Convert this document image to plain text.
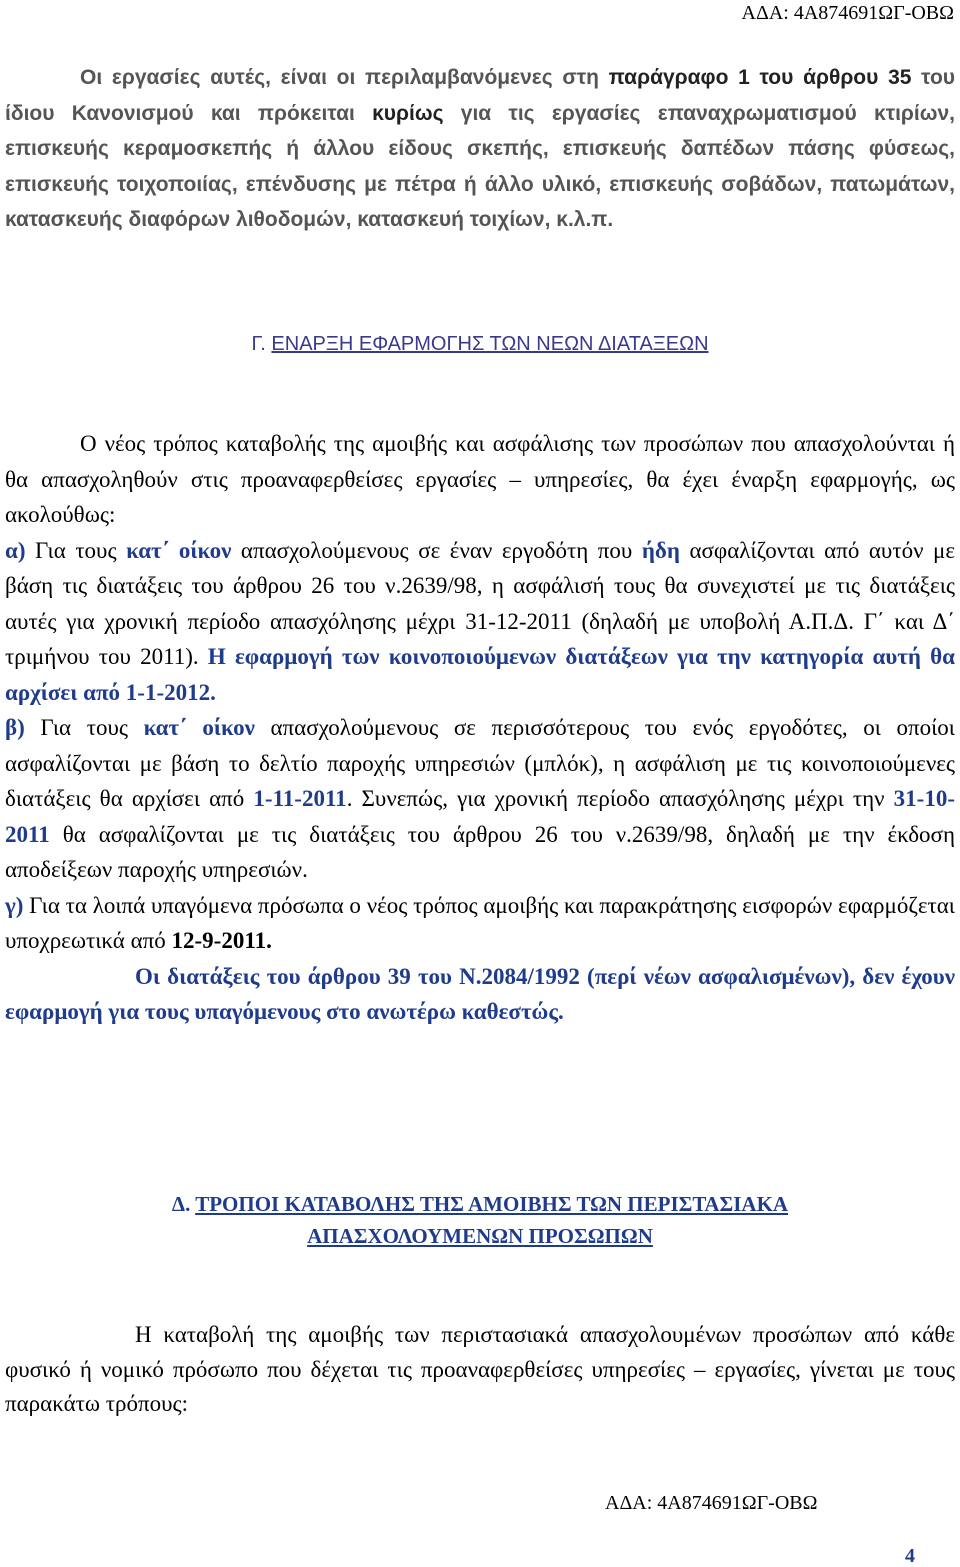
ΑΔΑ: 4Α874691ΩΓ-ΟΒΩ

Οι εργασίες αυτές, είναι οι περιλαμβανόμενες στη παράγραφο 1 του άρθρου 35 του ίδιου Κανονισμού και πρόκειται κυρίως για τις εργασίες επαναχρωματισμού κτιρίων, επισκευής κεραμοσκεπής ή άλλου είδους σκεπής, επισκευής δαπέδων πάσης φύσεως, επισκευής τοιχοποιίας, επένδυσης με πέτρα ή άλλο υλικό, επισκευής σοβάδων, πατωμάτων, κατασκευής διαφόρων λιθοδομών, κατασκευή τοιχίων, κ.λ.π.

Γ. ΕΝΑΡΞΗ ΕΦΑΡΜΟΓΗΣ ΤΩΝ ΝΕΩΝ ΔΙΑΤΑΞΕΩΝ

Ο νέος τρόπος καταβολής της αμοιβής και ασφάλισης των προσώπων που απασχολούνται ή θα απασχοληθούν στις προαναφερθείσες εργασίες – υπηρεσίες, θα έχει έναρξη εφαρμογής, ως ακολούθως:

α) Για τους κατ΄ οίκον απασχολούμενους σε έναν εργοδότη που ήδη ασφαλίζονται από αυτόν με βάση τις διατάξεις του άρθρου 26 του ν.2639/98, η ασφάλισή τους θα συνεχιστεί με τις διατάξεις αυτές για χρονική περίοδο απασχόλησης μέχρι 31-12-2011 (δηλαδή με υποβολή Α.Π.Δ. Γ΄ και Δ΄ τριμήνου του 2011). Η εφαρμογή των κοινοποιούμενων διατάξεων για την κατηγορία αυτή θα αρχίσει από 1-1-2012.

β) Για τους κατ΄ οίκον απασχολούμενους σε περισσότερους του ενός εργοδότες, οι οποίοι ασφαλίζονται με βάση το δελτίο παροχής υπηρεσιών (μπλόκ), η ασφάλιση με τις κοινοποιούμενες διατάξεις θα αρχίσει από 1-11-2011. Συνεπώς, για χρονική περίοδο απασχόλησης μέχρι την 31-10-2011 θα ασφαλίζονται με τις διατάξεις του άρθρου 26 του ν.2639/98, δηλαδή με την έκδοση αποδείξεων παροχής υπηρεσιών.

γ) Για τα λοιπά υπαγόμενα πρόσωπα ο νέος τρόπος αμοιβής και παρακράτησης εισφορών εφαρμόζεται υποχρεωτικά από 12-9-2011.

Οι διατάξεις του άρθρου 39 του Ν.2084/1992 (περί νέων ασφαλισμένων), δεν έχουν εφαρμογή για τους υπαγόμενους στο ανωτέρω καθεστώς.

Δ. ΤΡΟΠΟΙ ΚΑΤΑΒΟΛΗΣ ΤΗΣ ΑΜΟΙΒΗΣ ΤΩΝ ΠΕΡΙΣΤΑΣΙΑΚΑ
ΑΠΑΣΧΟΛΟΥΜΕΝΩΝ ΠΡΟΣΩΠΩΝ

Η καταβολή της αμοιβής των περιστασιακά απασχολουμένων προσώπων από κάθε φυσικό ή νομικό πρόσωπο που δέχεται τις προαναφερθείσες υπηρεσίες – εργασίες, γίνεται με τους παρακάτω τρόπους:

ΑΔΑ: 4Α874691ΩΓ-ΟΒΩ
4
